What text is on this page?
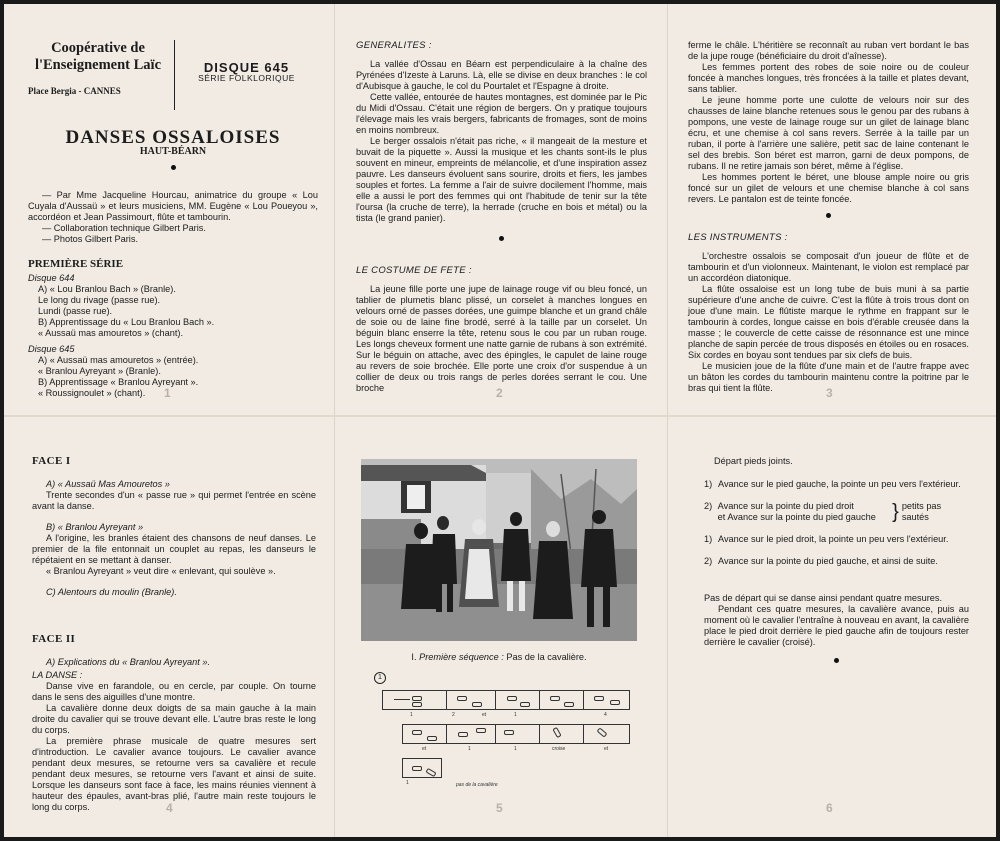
Coopérative de
l'Enseignement Laïc
Place Bergia - CANNES
DISQUE 645
SÉRIE FOLKLORIQUE
DANSES OSSALOISES
HAUT-BÉARN

— Par Mme Jacqueline Hourcau, animatrice du groupe « Lou Cuyala d'Aussaü » et leurs musiciens, MM. Eugène « Lou Poueyou », accordéon et Jean Passimourt, flûte et tambourin.

— Collaboration technique Gilbert Paris.

— Photos Gilbert Paris.

PREMIÈRE SÉRIE

Disque 644

A) « Lou Branlou Bach » (Branle).

Le long du rivage (passe rue).

Lundi (passe rue).

B) Apprentissage du « Lou Branlou Bach ».

« Aussaü mas amouretos » (chant).

Disque 645

A) « Aussaü mas amouretos » (entrée).

« Branlou Ayreyant » (Branle).

B) Apprentissage « Branlou Ayreyant ».

« Roussignoulet » (chant).	1
GENERALITES :

La vallée d'Ossau en Béarn est perpendiculaire à la chaîne des Pyrénées d'Izeste à Laruns. Là, elle se divise en deux branches : le col d'Aubisque à gauche, le col du Pourtalet et l'Espagne à droite.

Cette vallée, entourée de hautes montagnes, est dominée par le Pic du Midi d'Ossau. C'était une région de bergers. On y pratique toujours l'élevage mais les vrais bergers, fabricants de fromages, sont de moins en moins nombreux.

Le berger ossalois n'était pas riche, « il mangeait de la mesture et buvait de la piquette ». Aussi la musique et les chants sont-ils le plus souvent en mineur, empreints de mélancolie, et d'une inspiration assez pauvre. Les danseurs évoluent sans sourire, droits et fiers, les jambes souples et fortes. La femme a l'air de suivre docilement l'homme, mais elle a aussi le port des femmes qui ont l'habitude de tenir sur la tête l'oursa (la cruche de terre), la herrade (cruche en bois et métal) ou la tista (le grand panier).

LE COSTUME DE FETE :

La jeune fille porte une jupe de lainage rouge vif ou bleu foncé, un tablier de plumetis blanc plissé, un corselet à manches longues en velours orné de passes dorées, une guimpe blanche et un grand châle de soie ou de laine fine brodé, serré à la taille par un corselet. Un béguin blanc enserre la tête, retenu sous le cou par un ruban rouge. Les longs cheveux forment une natte garnie de rubans à son extrémité. Sur le béguin on attache, avec des épingles, le capulet de laine rouge au revers de soie brochée. Elle porte une croix d'or suspendue à un collier de deux ou trois rangs de perles dorées serrant le cou. Une broche	2

ferme le châle. L'héritière se reconnaît au ruban vert bordant le bas de la jupe rouge (bénéficiaire du droit d'aînesse).

Les femmes portent des robes de soie noire ou de couleur foncée à manches longues, très froncées à la taille et plates devant, sans tablier.

Le jeune homme porte une culotte de velours noir sur des chausses de laine blanche retenues sous le genou par des rubans à pompons, une veste de lainage rouge sur un gilet de lainage blanc écru, et une chemise à col sans revers. Serrée à la taille par un ruban, il porte à l'arrière une salière, petit sac de laine contenant le sel des brebis. Son béret est marron, garni de deux pompons, de rubans. Il ne retire jamais son béret, même à l'église.

Les hommes portent le béret, une blouse ample noire ou gris foncé sur un gilet de velours et une chemise blanche à col sans revers. Le pantalon est de teinte foncée.

LES INSTRUMENTS :

L'orchestre ossalois se composait d'un joueur de flûte et de tambourin et d'un violonneux. Maintenant, le violon est remplacé par un accordéon diatonique.

La flûte ossaloise est un long tube de buis muni à sa partie supérieure d'une anche de cuivre. C'est la flûte à trois trous dont on joue d'une main. Le flûtiste marque le rythme en frappant sur le tambourin à cordes, longue caisse en bois d'érable creusée dans la masse ; le couvercle de cette caisse de résonnance est une mince planche de sapin percée de trous disposés en étoiles ou en rosaces. Six cordes en boyau sont tendues par six clefs de buis.

Le musicien joue de la flûte d'une main et de l'autre frappe avec un bâton les cordes du tambourin maintenu contre la poitrine par le bras qui tient la flûte.	3
FACE I

A) « Aussaü Mas Amouretos »

Trente secondes d'un « passe rue » qui permet l'entrée en scène avant la danse.

B) « Branlou Ayreyant »

A l'origine, les branles étaient des chansons de neuf danses. Le premier de la file entonnait un couplet au repas, les danseurs le répétaient en se mettant à danser.

« Branlou Ayreyant » veut dire « enlevant, qui soulève ».

C) Alentours du moulin (Branle).

FACE II

A) Explications du « Branlou Ayreyant ».

LA DANSE :

Danse vive en farandole, ou en cercle, par couple. On tourne dans le sens des aiguilles d'une montre.

La cavalière donne deux doigts de sa main gauche à la main droite du cavalier qui se trouve devant elle. L'autre bras reste le long du corps.

La première phrase musicale de quatre mesures sert d'introduction. Le cavalier avance toujours. Le cavalier avance pendant deux mesures, se retourne vers sa cavalière et recule pendant deux mesures, se retourne vers l'avant et ainsi de suite. Lorsque les danseurs sont face à face, les mains réunies viennent à hauteur des épaules, avant-bras plié, l'autre main reste toujours le long du corps.	4
I. Première séquence : Pas de la cavalière.
1
1	2	et	1	4
et	1	1	croise	et
1	pas de la cavalière
5

Départ pieds joints.

1) Avance sur le pied gauche, la pointe un peu vers l'extérieur.
2) Avance sur la pointe du pied droit
et Avance sur la pointe du pied gauche } petits pas sautés
1) Avance sur le pied droit, la pointe un peu vers l'extérieur.
2) Avance sur la pointe du pied gauche, et ainsi de suite.

Pas de départ qui se danse ainsi pendant quatre mesures.

Pendant ces quatre mesures, la cavalière avance, puis au moment où le cavalier l'entraîne à nouveau en avant, la cavalière place le pied droit derrière le pied gauche afin de toujours rester derrière le cavalier (croisé).

6
